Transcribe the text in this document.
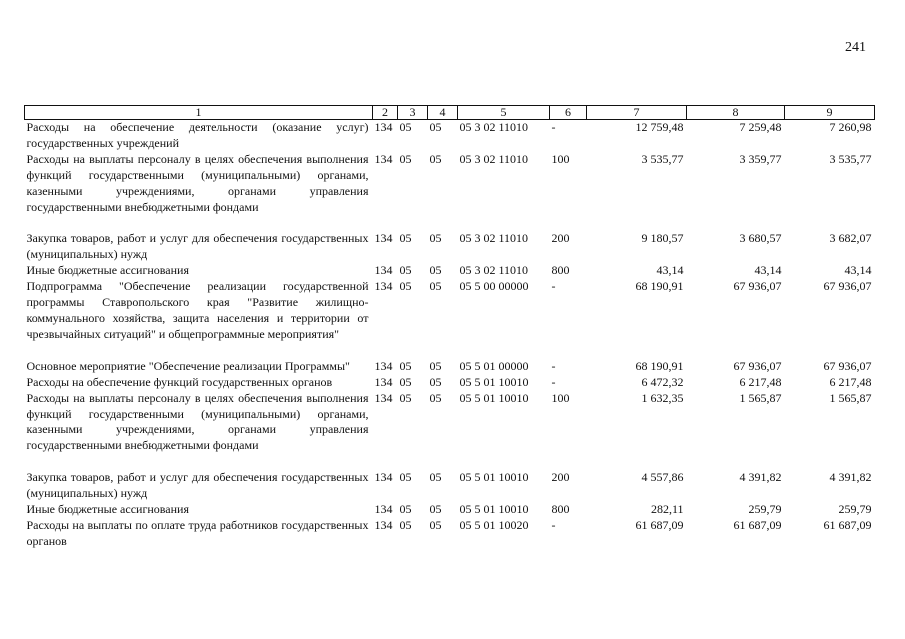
241
1	2	3	4	5	6	7	8	9
Расходы на обеспечение деятельности (оказание услуг) государственных учреждений	134	05	05	05 3 02 11010	-	12 759,48	7 259,48	7 260,98
Расходы на выплаты персоналу в целях обеспечения выполнения функций государственными (муниципальными) органами, казенными учреждениями, органами управления государственными внебюджетными фондами	134	05	05	05 3 02 11010	100	3 535,77	3 359,77	3 535,77

Закупка товаров, работ и услуг для обеспечения государственных (муниципальных) нужд	134	05	05	05 3 02 11010	200	9 180,57	3 680,57	3 682,07
Иные бюджетные ассигнования	134	05	05	05 3 02 11010	800	43,14	43,14	43,14
Подпрограмма "Обеспечение реализации государственной программы Ставропольского края "Развитие жилищно-коммунального хозяйства, защита населения и территории от чрезвычайных ситуаций" и общепрограммные мероприятия"	134	05	05	05 5 00 00000	-	68 190,91	67 936,07	67 936,07

Основное мероприятие "Обеспечение реализации Программы"	134	05	05	05 5 01 00000	-	68 190,91	67 936,07	67 936,07
Расходы на обеспечение функций государственных органов	134	05	05	05 5 01 10010	-	6 472,32	6 217,48	6 217,48
Расходы на выплаты персоналу в целях обеспечения выполнения функций государственными (муниципальными) органами, казенными учреждениями, органами управления государственными внебюджетными фондами	134	05	05	05 5 01 10010	100	1 632,35	1 565,87	1 565,87

Закупка товаров, работ и услуг для обеспечения государственных (муниципальных) нужд	134	05	05	05 5 01 10010	200	4 557,86	4 391,82	4 391,82
Иные бюджетные ассигнования	134	05	05	05 5 01 10010	800	282,11	259,79	259,79
Расходы на выплаты по оплате труда работников государственных органов	134	05	05	05 5 01 10020	-	61 687,09	61 687,09	61 687,09
